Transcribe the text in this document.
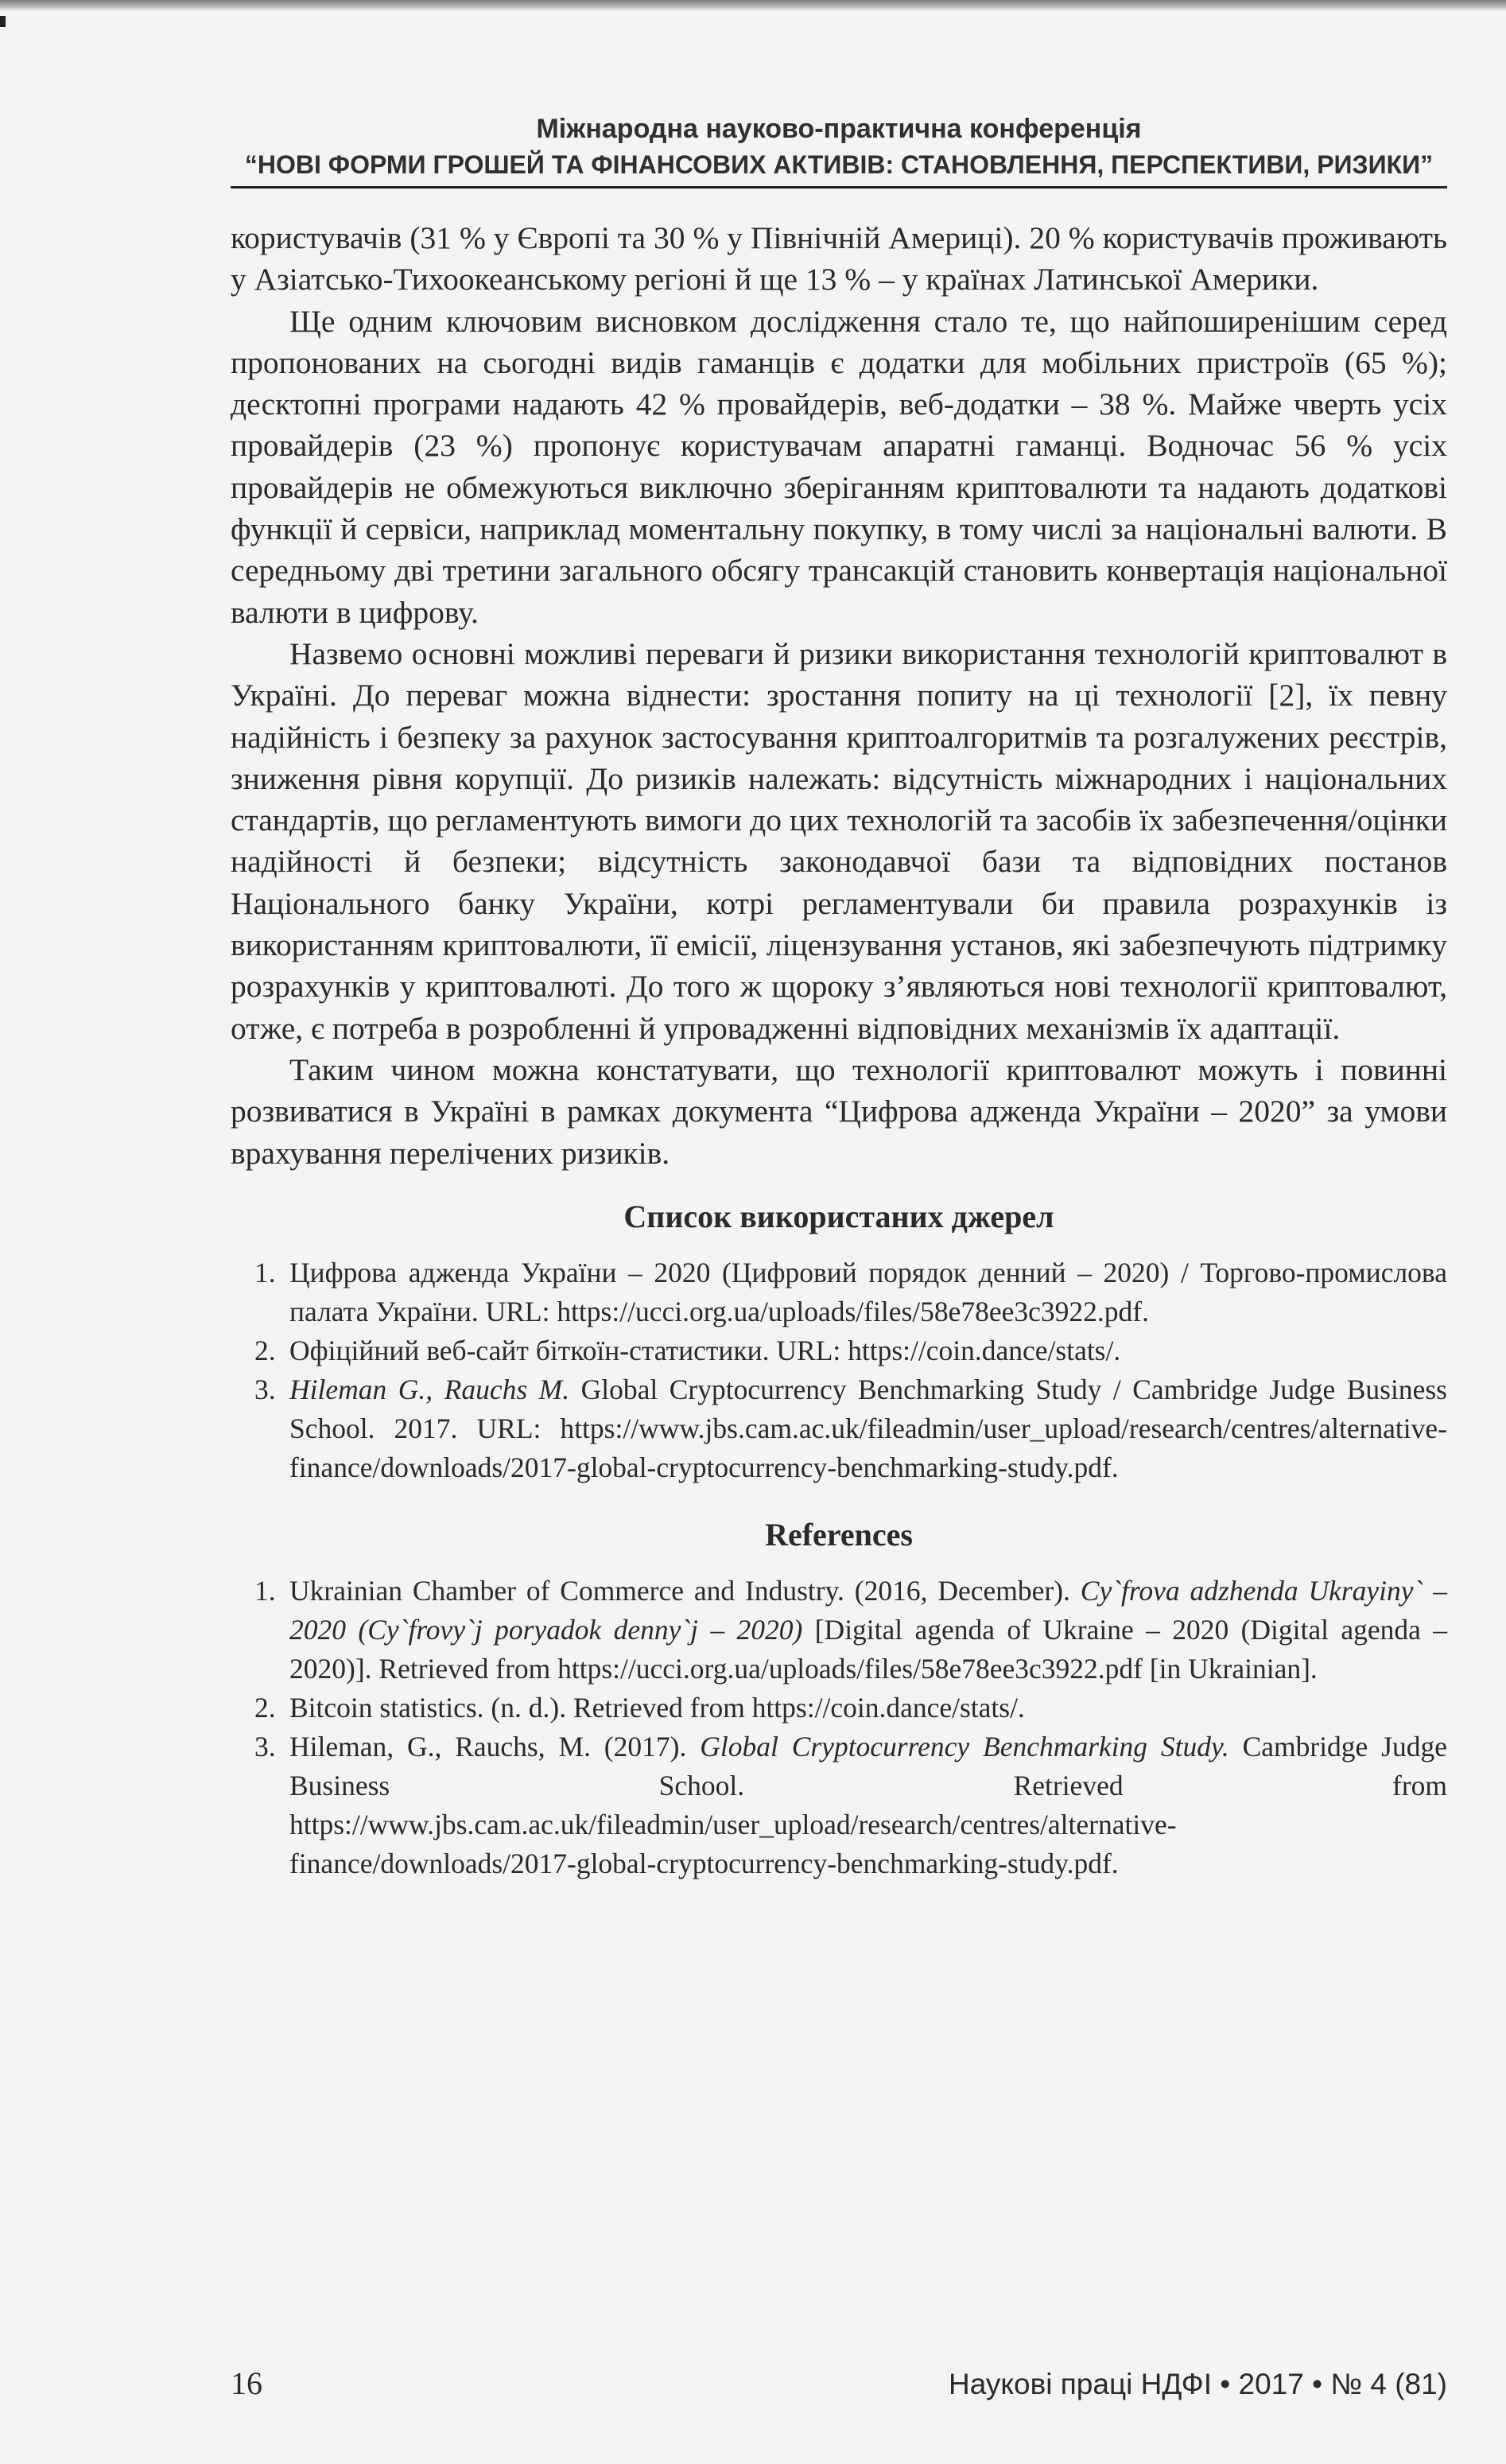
Міжнародна науково-практична конференція
“НОВІ ФОРМИ ГРОШЕЙ ТА ФІНАНСОВИХ АКТИВІВ: СТАНОВЛЕННЯ, ПЕРСПЕКТИВИ, РИЗИКИ”

користувачів (31 % у Європі та 30 % у Північній Америці). 20 % користувачів проживають у Азіатсько-Тихоокеанському регіоні й ще 13 % – у країнах Латинської Америки.

Ще одним ключовим висновком дослідження стало те, що найпоширенішим серед пропонованих на сьогодні видів гаманців є додатки для мобільних пристроїв (65 %); десктопні програми надають 42 % провайдерів, веб-додатки – 38 %. Майже чверть усіх провайдерів (23 %) пропонує користувачам апаратні гаманці. Водночас 56 % усіх провайдерів не обмежуються виключно зберіганням криптовалюти та надають додаткові функції й сервіси, наприклад моментальну покупку, в тому числі за національні валюти. В середньому дві третини загального обсягу трансакцій становить конвертація національної валюти в цифрову.

Назвемо основні можливі переваги й ризики використання технологій криптовалют в Україні. До переваг можна віднести: зростання попиту на ці технології [2], їх певну надійність і безпеку за рахунок застосування криптоалгоритмів та розгалужених реєстрів, зниження рівня корупції. До ризиків належать: відсутність міжнародних і національних стандартів, що регламентують вимоги до цих технологій та засобів їх забезпечення/оцінки надійності й безпеки; відсутність законодавчої бази та відповідних постанов Національного банку України, котрі регламентували би правила розрахунків із використанням криптовалюти, її емісії, ліцензування установ, які забезпечують підтримку розрахунків у криптовалюті. До того ж щороку з’являються нові технології криптовалют, отже, є потреба в розробленні й упровадженні відповідних механізмів їх адаптації.

Таким чином можна констатувати, що технології криптовалют можуть і повинні розвиватися в Україні в рамках документа “Цифрова адженда України – 2020” за умови врахування перелічених ризиків.

Список використаних джерел
1. Цифрова адженда України – 2020 (Цифровий порядок денний – 2020) / Торгово-промислова палата України. URL: https://ucci.org.ua/uploads/files/58e78ee3c3922.pdf.
2. Офіційний веб-сайт біткоїн-статистики. URL: https://coin.dance/stats/.
3. Hileman G., Rauchs M. Global Cryptocurrency Benchmarking Study / Cambridge Judge Business School. 2017. URL: https://www.jbs.cam.ac.uk/fileadmin/user_upload/research/centres/alternative-finance/downloads/2017-global-cryptocurrency-benchmarking-study.pdf.
References
1. Ukrainian Chamber of Commerce and Industry. (2016, December). Cy`frova adzhenda Ukrayiny` – 2020 (Cy`frovy`j poryadok denny`j – 2020) [Digital agenda of Ukraine – 2020 (Digital agenda – 2020)]. Retrieved from https://ucci.org.ua/uploads/files/58e78ee3c3922.pdf [in Ukrainian].
2. Bitcoin statistics. (n. d.). Retrieved from https://coin.dance/stats/.
3. Hileman, G., Rauchs, M. (2017). Global Cryptocurrency Benchmarking Study. Cambridge Judge Business School. Retrieved from https://www.jbs.cam.ac.uk/fileadmin/user_upload/research/centres/alternative-finance/downloads/2017-global-cryptocurrency-benchmarking-study.pdf.
16	Наукові праці НДФІ • 2017 • № 4 (81)
